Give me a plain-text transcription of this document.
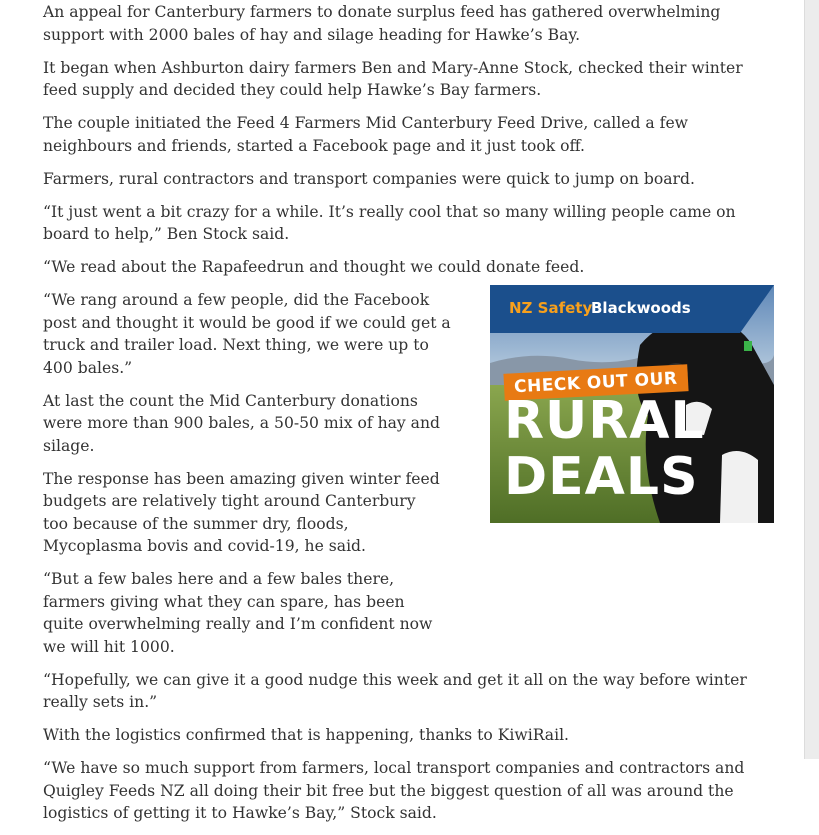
An appeal for Canterbury farmers to donate surplus feed has gathered overwhelming support with 2000 bales of hay and silage heading for Hawke’s Bay.

It began when Ashburton dairy farmers Ben and Mary-Anne Stock, checked their winter feed supply and decided they could help Hawke’s Bay farmers.

The couple initiated the Feed 4 Farmers Mid Canterbury Feed Drive, called a few neighbours and friends, started a Facebook page and it just took off.

Farmers, rural contractors and transport companies were quick to jump on board.

“It just went a bit crazy for a while. It’s really cool that so many willing people came on board to help,” Ben Stock said.

“We read about the Rapafeedrun and thought we could donate feed.

“We rang around a few people, did the Facebook post and thought it would be good if we could get a truck and trailer load. Next thing, we were up to 400 bales.”

At last the count the Mid Canterbury donations were more than 900 bales, a 50-50 mix of hay and silage.

The response has been amazing given winter feed budgets are relatively tight around Canterbury too because of the summer dry, floods, Mycoplasma bovis and covid-19, he said.

“But a few bales here and a few bales there, farmers giving what they can spare, has been quite overwhelming really and I’m confident now we will hit 1000.

“Hopefully, we can give it a good nudge this week and get it all on the way before winter really sets in.”

With the logistics confirmed that is happening, thanks to KiwiRail.

“We have so much support from farmers, local transport companies and contractors and Quigley Feeds NZ all doing their bit free but the biggest question of all was around the logistics of getting it to Hawke’s Bay,” Stock said.

NZ Safety
Blackwoods
CHECK OUT OUR
RURAL
DEALS
